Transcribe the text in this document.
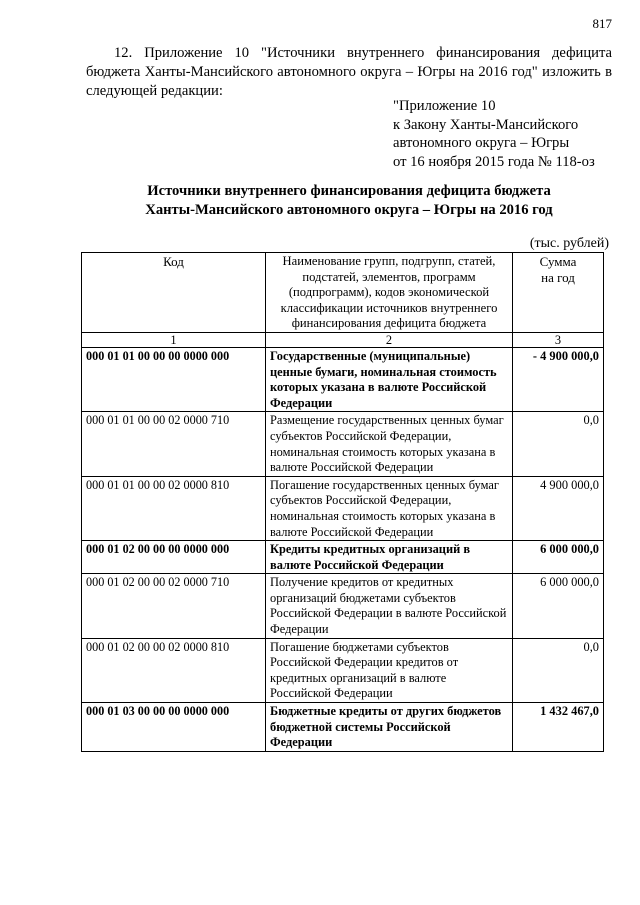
817

12. Приложение 10 "Источники внутреннего финансирования дефицита бюджета Ханты-Мансийского автономного округа – Югры на 2016 год" изложить в следующей редакции:

"Приложение 10
к Закону Ханты-Мансийского
автономного округа – Югры
от 16 ноября 2015 года № 118-оз
Источники внутреннего финансирования дефицита бюджета
Ханты-Мансийского автономного округа – Югры на 2016 год
(тыс. рублей)
Код	Наименование групп, подгрупп, статей, подстатей, элементов, программ (подпрограмм), кодов экономической классификации источников внутреннего финансирования дефицита бюджета	Сумма
на год

1	2	3
000 01 01 00 00 00 0000 000	Государственные (муниципальные) ценные бумаги, номинальная стоимость которых указана в валюте Российской Федерации	- 4 900 000,0
000 01 01 00 00 02 0000 710	Размещение государственных ценных бумаг субъектов Российской Федерации, номинальная стоимость которых указана в валюте Российской Федерации	0,0
000 01 01 00 00 02 0000 810	Погашение государственных ценных бумаг субъектов Российской Федерации, номинальная стоимость которых указана в валюте Российской Федерации	4 900 000,0
000 01 02 00 00 00 0000 000	Кредиты кредитных организаций в валюте Российской Федерации	6 000 000,0
000 01 02 00 00 02 0000 710	Получение кредитов от кредитных организаций бюджетами субъектов Российской Федерации в валюте Российской Федерации	6 000 000,0
000 01 02 00 00 02 0000 810	Погашение бюджетами субъектов Российской Федерации кредитов от кредитных организаций в валюте Российской Федерации	0,0
000 01 03 00 00 00 0000 000	Бюджетные кредиты от других бюджетов бюджетной системы Российской Федерации	1 432 467,0
